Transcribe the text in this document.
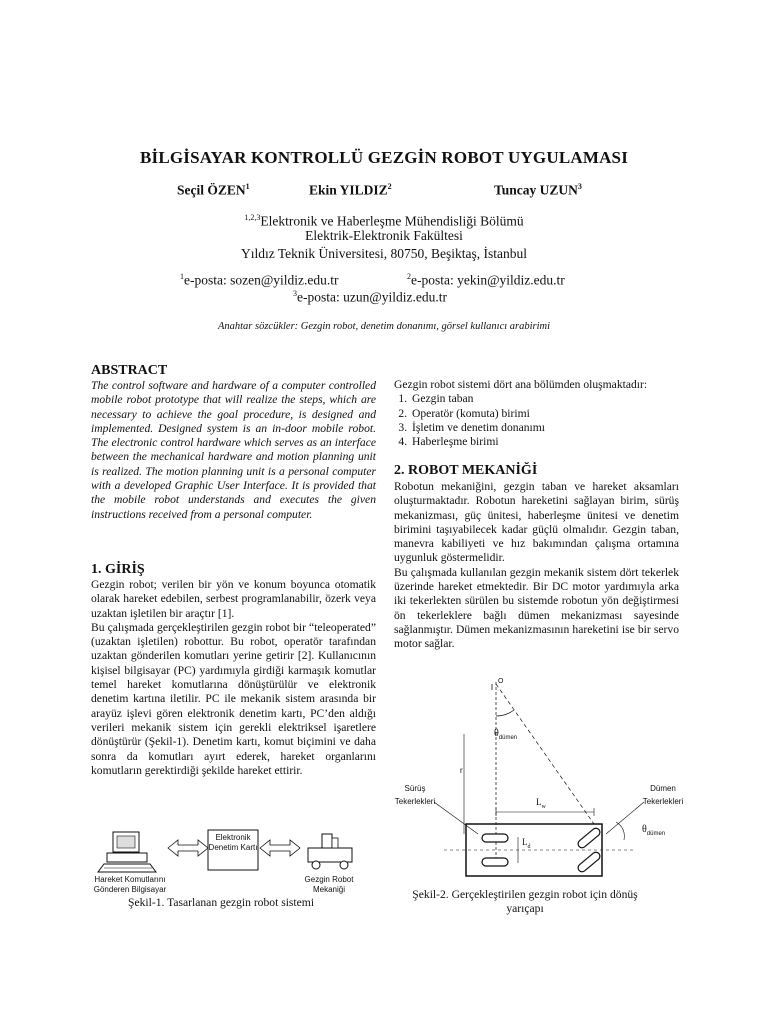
BİLGİSAYAR KONTROLLÜ GEZGİN ROBOT UYGULAMASI
Seçil ÖZEN$^1$	Ekin YILDIZ$^2$	Tuncay UZUN$^3$
$^{1,2,3}$Elektronik ve Haberleşme Mühendisliği Bölümü
Elektrik-Elektronik Fakültesi
Yıldız Teknik Üniversitesi, 80750, Beşiktaş, İstanbul
$^1$e-posta: sozen@yildiz.edu.tr	$^2$e-posta: yekin@yildiz.edu.tr
$^3$e-posta: uzun@yildiz.edu.tr
Anahtar sözcükler: Gezgin robot, denetim donanımı, görsel kullanıcı arabirimi
ABSTRACT
The control software and hardware of a computer controlled mobile robot prototype that will realize the steps, which are necessary to achieve the goal procedure, is designed and implemented. Designed system is an in-door mobile robot. The electronic control hardware which serves as an interface between the mechanical hardware and motion planning unit is realized. The motion planning unit is a personal computer with a developed Graphic User Interface. It is provided that the mobile robot understands and executes the given instructions received from a personal computer.
1. GİRİŞ

Gezgin robot; verilen bir yön ve konum boyunca otomatik olarak hareket edebilen, serbest programlanabilir, özerk veya uzaktan işletilen bir araçtır [1].

Bu çalışmada gerçekleştirilen gezgin robot bir “teleoperated” (uzaktan işletilen) robottur. Bu robot, operatör tarafından uzaktan gönderilen komutları yerine getirir [2]. Kullanıcının kişisel bilgisayar (PC) yardımıyla girdiği karmaşık komutlar temel hareket komutlarına dönüştürülür ve elektronik denetim kartına iletilir. PC ile mekanik sistem arasında bir arayüz işlevi gören elektronik denetim kartı, PC’den aldığı verileri mekanik sistem için gerekli elektriksel işaretlere dönüştürür (Şekil-1). Denetim kartı, komut biçimini ve daha sonra da komutları ayırt ederek, hareket organlarını komutların gerektirdiği şekilde hareket ettirir.

Elektronik Denetim Kartı
Hareket Komutlarını Gönderen Bilgisayar
Gezgin Robot Mekaniği
Şekil-1. Tasarlanan gezgin robot sistemi

Gezgin robot sistemi dört ana bölümden oluşmaktadır:

1. Gezgin taban
2. Operatör (komuta) birimi
3. İşletim ve denetim donanımı
4. Haberleşme birimi
2. ROBOT MEKANİĞİ

Robotun mekaniğini, gezgin taban ve hareket aksamları oluşturmaktadır. Robotun hareketini sağlayan birim, sürüş mekanizması, güç ünitesi, haberleşme ünitesi ve denetim birimini taşıyabilecek kadar güçlü olmalıdır. Gezgin taban, manevra kabiliyeti ve hız bakımından çalışma ortamına uygunluk göstermelidir.

Bu çalışmada kullanılan gezgin mekanik sistem dört tekerlek üzerinde hareket etmektedir. Bir DC motor yardımıyla arka iki tekerlekten sürülen bu sistemde robotun yön değiştirmesi ön tekerleklere bağlı dümen mekanizması sayesinde sağlanmıştır. Dümen mekanizmasının hareketini ise bir servo motor sağlar.

O
$\theta_{dümen}$
r
$L_w$
$L_d$
$\theta_{dümen}$
Sürüş Tekerlekleri
Dümen Tekerlekleri
Şekil-2. Gerçekleştirilen gezgin robot için dönüş yarıçapı
